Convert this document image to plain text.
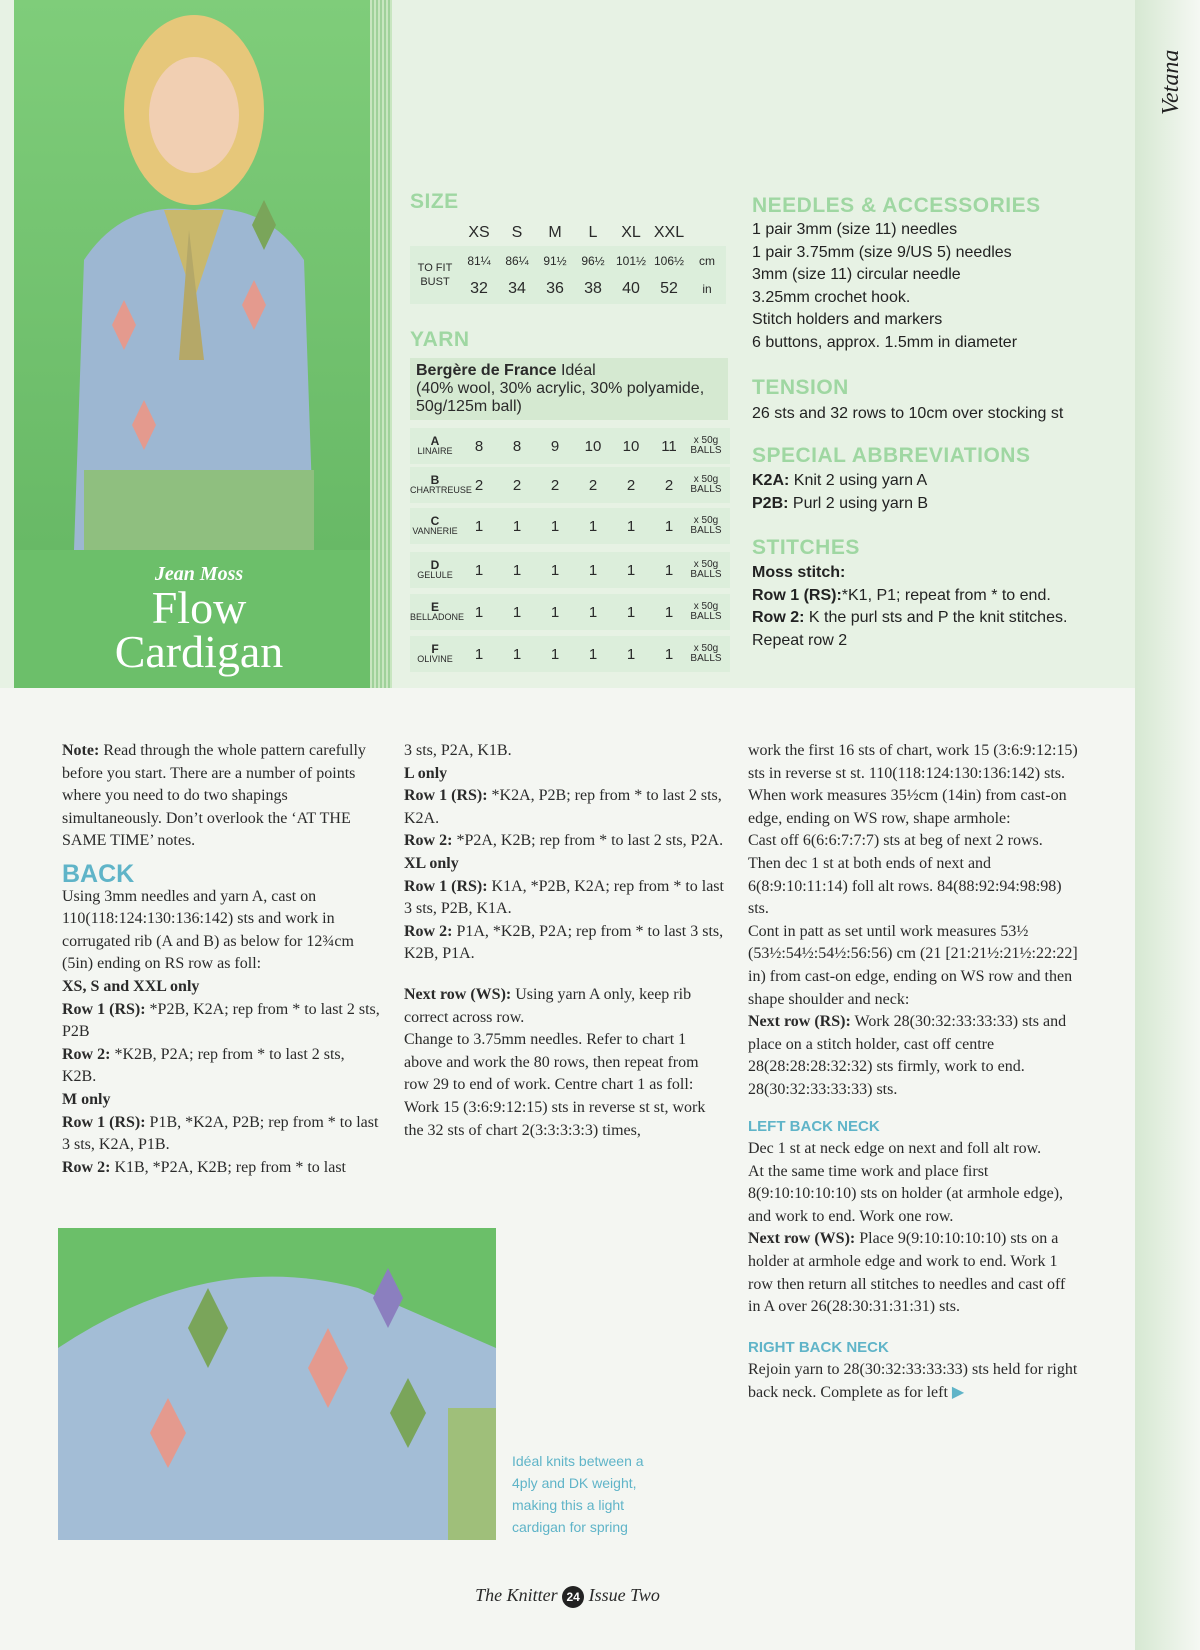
Jean Moss
Flow
Cardigan
SIZE
XS	S	M	L	XL XXL
TO FIT BUST
81¼	86¼	91½	96½ 101½ 106½	cm
32	34	36	38	40	52	in
YARN
Bergère de France Idéal
(40% wool, 30% acrylic, 30% polyamide, 50g/125m ball)
A
LINAIRE	8	8	9	10	10	11	x 50g
BALLS
B
CHARTREUSE 2	2	2	2	2	2	x 50g
BALLS
C
VANNERIE	1	1	1	1	1	1	x 50g
BALLS
D
GELULE	1	1	1	1	1	1	x 50g
BALLS
E
BELLADONE 1	1	1	1	1	1	x 50g
BALLS
F
OLIVINE	1	1	1	1	1	1	x 50g
BALLS
NEEDLES & ACCESSORIES
1 pair 3mm (size 11) needles
1 pair 3.75mm (size 9/US 5) needles
3mm (size 11) circular needle
3.25mm crochet hook.
Stitch holders and markers
6 buttons, approx. 1.5mm in diameter
TENSION
26 sts and 32 rows to 10cm over stocking st
SPECIAL ABBREVIATIONS
K2A: Knit 2 using yarn A
P2B: Purl 2 using yarn B
STITCHES
Moss stitch:
Row 1 (RS):*K1, P1; repeat from * to end.
Row 2: K the purl sts and P the knit stitches.
Repeat row 2

Note: Read through the whole pattern carefully before you start. There are a number of points where you need to do two shapings simultaneously. Don’t overlook the ‘AT THE SAME TIME’ notes.

BACK

Using 3mm needles and yarn A, cast on 110(118:124:130:136:142) sts and work in corrugated rib (A and B) as below for 12¾cm (5in) ending on RS row as foll:

XS, S and XXL only

Row 1 (RS): *P2B, K2A; rep from * to last 2 sts, P2B

Row 2: *K2B, P2A; rep from * to last 2 sts, K2B.

M only

Row 1 (RS): P1B, *K2A, P2B; rep from * to last 3 sts, K2A, P1B.

Row 2: K1B, *P2A, K2B; rep from * to last

3 sts, P2A, K1B.

L only

Row 1 (RS): *K2A, P2B; rep from * to last 2 sts, K2A.

Row 2: *P2A, K2B; rep from * to last 2 sts, P2A.

XL only

Row 1 (RS): K1A, *P2B, K2A; rep from * to last 3 sts, P2B, K1A.

Row 2: P1A, *K2B, P2A; rep from * to last 3 sts, K2B, P1A.

Next row (WS): Using yarn A only, keep rib correct across row.

Change to 3.75mm needles. Refer to chart 1 above and work the 80 rows, then repeat from row 29 to end of work. Centre chart 1 as foll:

Work 15 (3:6:9:12:15) sts in reverse st st, work the 32 sts of chart 2(3:3:3:3:3) times,

work the first 16 sts of chart, work 15 (3:6:9:12:15) sts in reverse st st. 110(118:124:130:136:142) sts.

When work measures 35½cm (14in) from cast-on edge, ending on WS row, shape armhole:

Cast off 6(6:6:7:7:7) sts at beg of next 2 rows. Then dec 1 st at both ends of next and 6(8:9:10:11:14) foll alt rows. 84(88:92:94:98:98) sts.

Cont in patt as set until work measures 53½ (53½:54½:54½:56:56) cm (21 [21:21½:21½:22:22] in) from cast-on edge, ending on WS row and then shape shoulder and neck:

Next row (RS): Work 28(30:32:33:33:33) sts and place on a stitch holder, cast off centre 28(28:28:28:32:32) sts firmly, work to end. 28(30:32:33:33:33) sts.

LEFT BACK NECK

Dec 1 st at neck edge on next and foll alt row.

At the same time work and place first 8(9:10:10:10:10) sts on holder (at armhole edge), and work to end. Work one row.

Next row (WS): Place 9(9:10:10:10:10) sts on a holder at armhole edge and work to end. Work 1 row then return all stitches to needles and cast off in A over 26(28:30:31:31:31) sts.

RIGHT BACK NECK

Rejoin yarn to 28(30:32:33:33:33) sts held for right back neck. Complete as for left ▶

Idéal knits between a 4ply and DK weight, making this a light cardigan for spring
The Knitter 24 Issue Two
Vetana
